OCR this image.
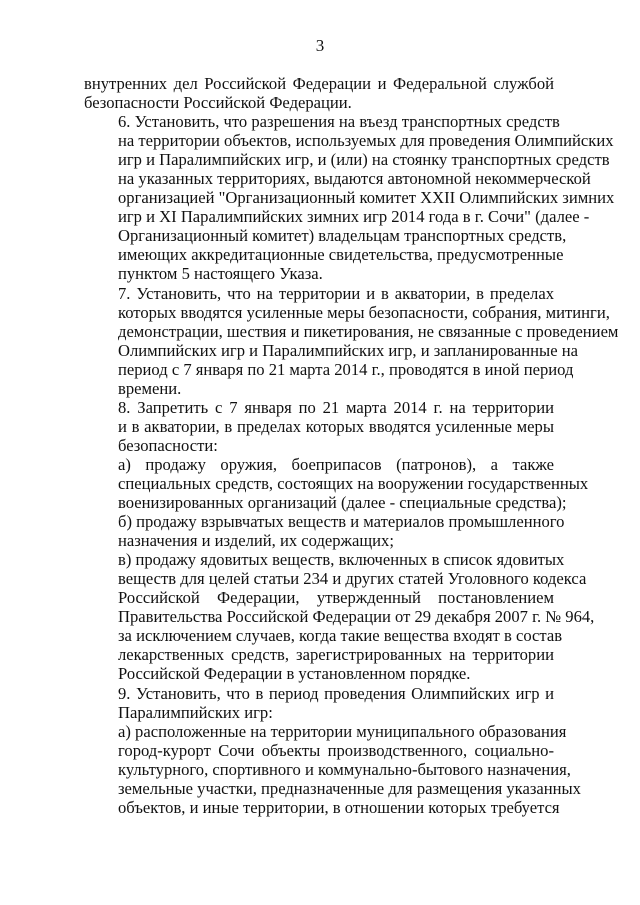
3

внутренних дел Российской Федерации и Федеральной службой
безопасности Российской Федерации.

6. Установить, что разрешения на въезд транспортных средств
на территории объектов, используемых для проведения Олимпийских
игр и Паралимпийских игр, и (или) на стоянку транспортных средств
на указанных территориях, выдаются автономной некоммерческой
организацией "Организационный комитет XXII Олимпийских зимних
игр и XI Паралимпийских зимних игр 2014 года в г. Сочи" (далее -
Организационный комитет) владельцам транспортных средств,
имеющих аккредитационные свидетельства, предусмотренные
пунктом 5 настоящего Указа.

7. Установить, что на территории и в акватории, в пределах
которых вводятся усиленные меры безопасности, собрания, митинги,
демонстрации, шествия и пикетирования, не связанные с проведением
Олимпийских игр и Паралимпийских игр, и запланированные на
период с 7 января по 21 марта 2014 г., проводятся в иной период
времени.

8. Запретить с 7 января по 21 марта 2014 г. на территории
и в акватории, в пределах которых вводятся усиленные меры
безопасности:

а) продажу оружия, боеприпасов (патронов), а также
специальных средств, состоящих на вооружении государственных
военизированных организаций (далее - специальные средства);

б) продажу взрывчатых веществ и материалов промышленного
назначения и изделий, их содержащих;

в) продажу ядовитых веществ, включенных в список ядовитых
веществ для целей статьи 234 и других статей Уголовного кодекса
Российской Федерации, утвержденный постановлением
Правительства Российской Федерации от 29 декабря 2007 г. № 964,
за исключением случаев, когда такие вещества входят в состав
лекарственных средств, зарегистрированных на территории
Российской Федерации в установленном порядке.

9. Установить, что в период проведения Олимпийских игр и
Паралимпийских игр:

а) расположенные на территории муниципального образования
город-курорт Сочи объекты производственного, социально-
культурного, спортивного и коммунально-бытового назначения,
земельные участки, предназначенные для размещения указанных
объектов, и иные территории, в отношении которых требуется
